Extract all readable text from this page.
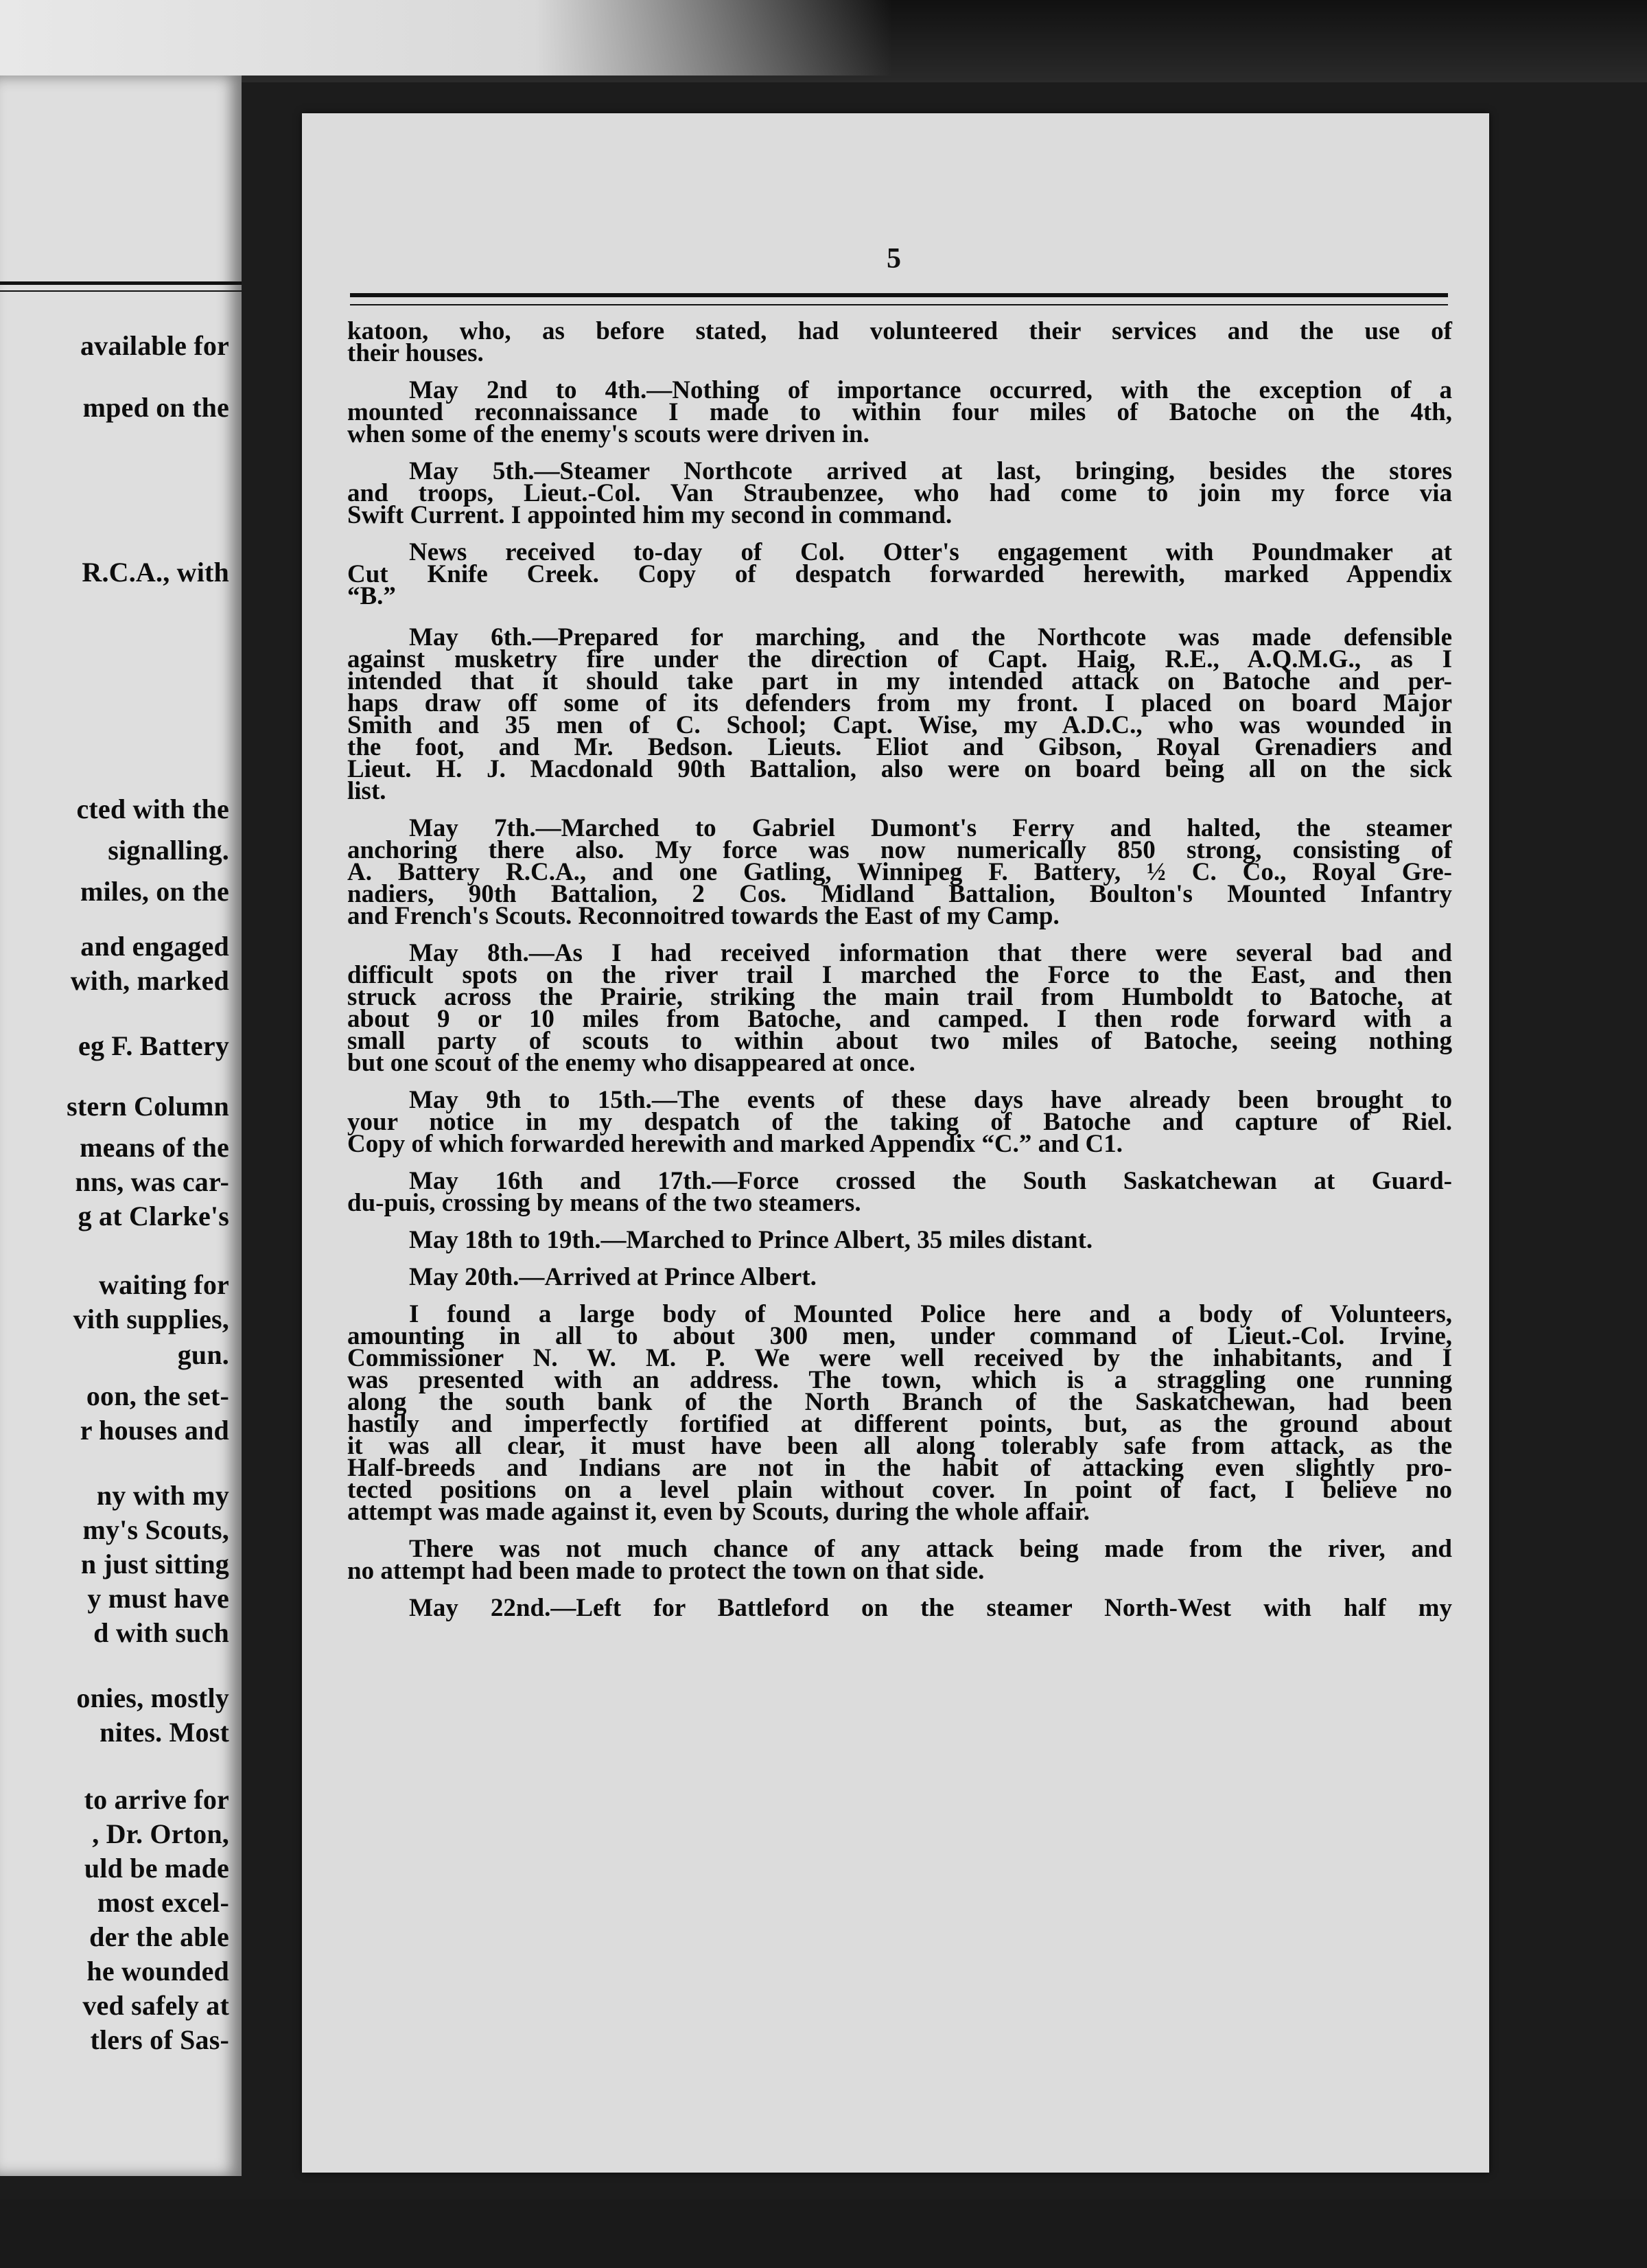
available for

mped on the

R.C.A., with

cted with the

signalling.

miles, on the

and engaged

with, marked

eg F. Battery

stern Column

means of the

nns, was car-

g at Clarke's

waiting for

vith supplies,

gun.

oon, the set-

r houses and

ny with my

my's Scouts,

n just sitting

y must have

d with such

onies, mostly

nites. Most

to arrive for

, Dr. Orton,

uld be made

most excel-

der the able

he wounded

ved safely at

tlers of Sas-

5

katoon, who, as before stated, had volunteered their services and the use of
their houses.
May 2nd to 4th.—Nothing of importance occurred, with the exception of a
mounted reconnaissance I made to within four miles of Batoche on the 4th,
when some of the enemy's scouts were driven in.
May 5th.—Steamer Northcote arrived at last, bringing, besides the stores
and troops, Lieut.-Col. Van Straubenzee, who had come to join my force via
Swift Current. I appointed him my second in command.
News received to-day of Col. Otter's engagement with Poundmaker at
Cut Knife Creek. Copy of despatch forwarded herewith, marked Appendix
“B.”
May 6th.—Prepared for marching, and the Northcote was made defensible
against musketry fire under the direction of Capt. Haig, R.E., A.Q.M.G., as I
intended that it should take part in my intended attack on Batoche and per-
haps draw off some of its defenders from my front. I placed on board Major
Smith and 35 men of C. School; Capt. Wise, my A.D.C., who was wounded in
the foot, and Mr. Bedson. Lieuts. Eliot and Gibson, Royal Grenadiers and
Lieut. H. J. Macdonald 90th Battalion, also were on board being all on the sick
list.
May 7th.—Marched to Gabriel Dumont's Ferry and halted, the steamer
anchoring there also. My force was now numerically 850 strong, consisting of
A. Battery R.C.A., and one Gatling, Winnipeg F. Battery, ½ C. Co., Royal Gre-
nadiers, 90th Battalion, 2 Cos. Midland Battalion, Boulton's Mounted Infantry
and French's Scouts. Reconnoitred towards the East of my Camp.
May 8th.—As I had received information that there were several bad and
difficult spots on the river trail I marched the Force to the East, and then
struck across the Prairie, striking the main trail from Humboldt to Batoche, at
about 9 or 10 miles from Batoche, and camped. I then rode forward with a
small party of scouts to within about two miles of Batoche, seeing nothing
but one scout of the enemy who disappeared at once.
May 9th to 15th.—The events of these days have already been brought to
your notice in my despatch of the taking of Batoche and capture of Riel.
Copy of which forwarded herewith and marked Appendix “C.” and C1.
May 16th and 17th.—Force crossed the South Saskatchewan at Guard-
du-puis, crossing by means of the two steamers.
May 18th to 19th.—Marched to Prince Albert, 35 miles distant.
May 20th.—Arrived at Prince Albert.
I found a large body of Mounted Police here and a body of Volunteers,
amounting in all to about 300 men, under command of Lieut.-Col. Irvine,
Commissioner N. W. M. P. We were well received by the inhabitants, and I
was presented with an address. The town, which is a straggling one running
along the south bank of the North Branch of the Saskatchewan, had been
hastily and imperfectly fortified at different points, but, as the ground about
it was all clear, it must have been all along tolerably safe from attack, as the
Half-breeds and Indians are not in the habit of attacking even slightly pro-
tected positions on a level plain without cover. In point of fact, I believe no
attempt was made against it, even by Scouts, during the whole affair.
There was not much chance of any attack being made from the river, and
no attempt had been made to protect the town on that side.
May 22nd.—Left for Battleford on the steamer North-West with half my
